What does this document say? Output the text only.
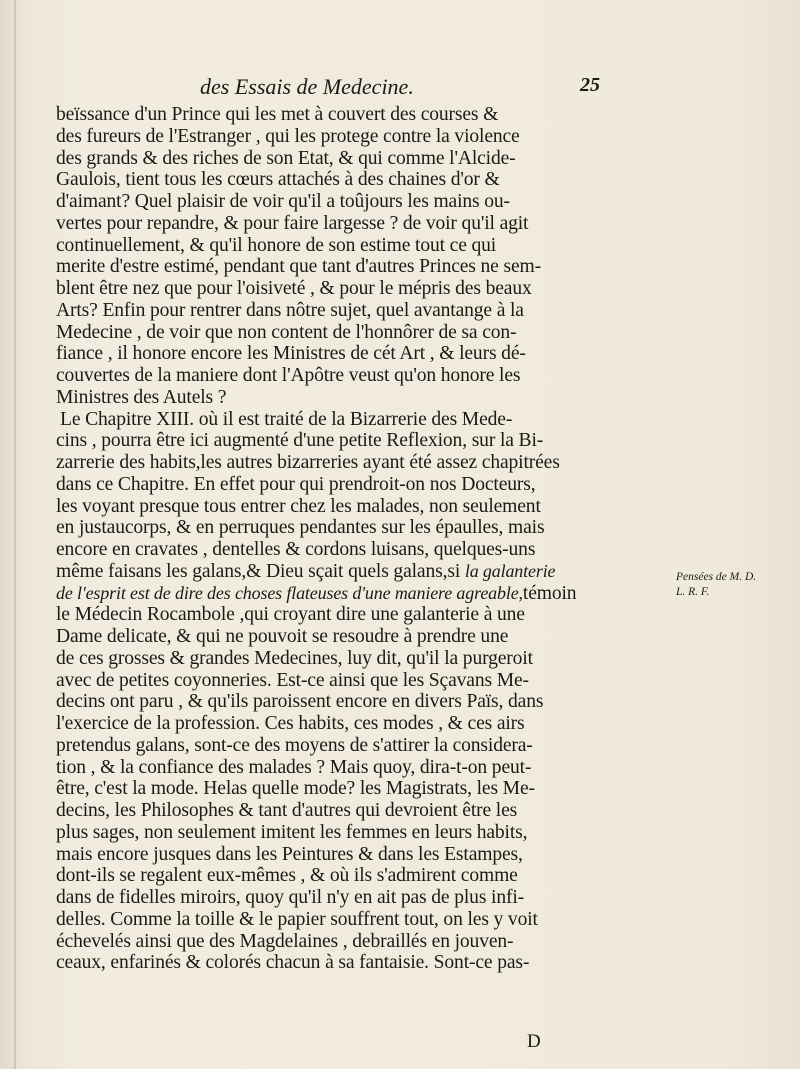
des Essais de Medecine.	25
beïssance d'un Prince qui les met à couvert des courses &
des fureurs de l'Estranger , qui les protege contre la violence
des grands & des riches de son Etat, & qui comme l'Alcide-
Gaulois, tient tous les cœurs attachés à des chaines d'or &
d'aimant? Quel plaisir de voir qu'il a toûjours les mains ou-
vertes pour repandre, & pour faire largesse ? de voir qu'il agit
continuellement, & qu'il honore de son estime tout ce qui
merite d'estre estimé, pendant que tant d'autres Princes ne sem-
blent être nez que pour l'oisiveté , & pour le mépris des beaux
Arts? Enfin pour rentrer dans nôtre sujet, quel avantange à la
Medecine , de voir que non content de l'honnôrer de sa con-
fiance , il honore encore les Ministres de cét Art , & leurs dé-
couvertes de la maniere dont l'Apôtre veust qu'on honore les
Ministres des Autels ?
Le Chapitre XIII. où il est traité de la Bizarrerie des Mede-
cins , pourra être ici augmenté d'une petite Reflexion, sur la Bi-
zarrerie des habits,les autres bizarreries ayant été assez chapitrées
dans ce Chapitre. En effet pour qui prendroit-on nos Docteurs,
les voyant presque tous entrer chez les malades, non seulement
en justaucorps, & en perruques pendantes sur les épaulles, mais
encore en cravates , dentelles & cordons luisans, quelques-uns
même faisans les galans,& Dieu sçait quels galans,si la galanterie
de l'esprit est de dire des choses flateuses d'une maniere agreable,témoin
le Médecin Rocambole ,qui croyant dire une galanterie à une
Dame delicate, & qui ne pouvoit se resoudre à prendre une
de ces grosses & grandes Medecines, luy dit, qu'il la purgeroit
avec de petites coyonneries. Est-ce ainsi que les Sçavans Me-
decins ont paru , & qu'ils paroissent encore en divers Païs, dans
l'exercice de la profession. Ces habits, ces modes , & ces airs
pretendus galans, sont-ce des moyens de s'attirer la considera-
tion , & la confiance des malades ? Mais quoy, dira-t-on peut-
être, c'est la mode. Helas quelle mode? les Magistrats, les Me-
decins, les Philosophes & tant d'autres qui devroient être les
plus sages, non seulement imitent les femmes en leurs habits,
mais encore jusques dans les Peintures & dans les Estampes,
dont-ils se regalent eux-mêmes , & où ils s'admirent comme
dans de fidelles miroirs, quoy qu'il n'y en ait pas de plus infi-
delles. Comme la toille & le papier souffrent tout, on les y voit
échevelés ainsi que des Magdelaines , debraillés en jouven-
ceaux, enfarinés & colorés chacun à sa fantaisie. Sont-ce pas-
Pensées de M. D.
L. R. F.
D
